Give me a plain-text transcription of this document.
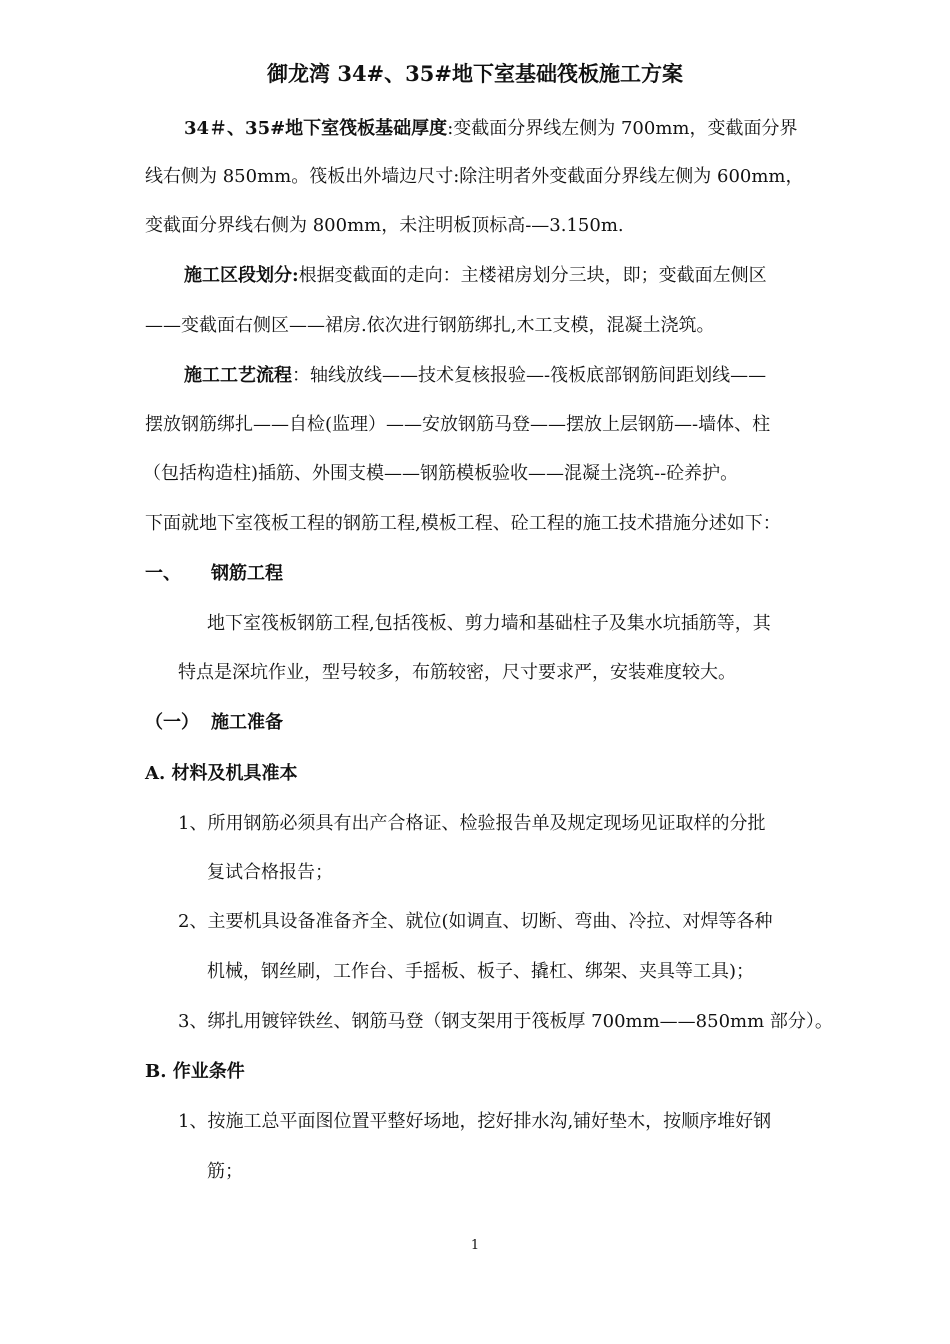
御龙湾 34#、35#地下室基础筏板施工方案
34＃、35#地下室筏板基础厚度:变截面分界线左侧为 700mm，变截面分界
线右侧为 850mm。筏板出外墙边尺寸:除注明者外变截面分界线左侧为 600mm，
变截面分界线右侧为 800mm，未注明板顶标高-—3.150m.
施工区段划分:根据变截面的走向：主楼裙房划分三块，即；变截面左侧区
——变截面右侧区——裙房.依次进行钢筋绑扎,木工支模，混凝土浇筑。
施工工艺流程：轴线放线——技术复核报验—-筏板底部钢筋间距划线——
摆放钢筋绑扎——自检(监理）——安放钢筋马登——摆放上层钢筋—-墙体、柱
（包括构造柱)插筋、外围支模——钢筋模板验收——混凝土浇筑--砼养护。
下面就地下室筏板工程的钢筋工程,模板工程、砼工程的施工技术措施分述如下：
一、 钢筋工程
地下室筏板钢筋工程,包括筏板、剪力墙和基础柱子及集水坑插筋等，其
特点是深坑作业，型号较多，布筋较密，尺寸要求严，安装难度较大。
（一） 施工准备
A. 材料及机具准本
1、所用钢筋必须具有出产合格证、检验报告单及规定现场见证取样的分批
复试合格报告；
2、主要机具设备准备齐全、就位(如调直、切断、弯曲、冷拉、对焊等各种
机械，钢丝刷，工作台、手摇板、板子、撬杠、绑架、夹具等工具)；
3、绑扎用镀锌铁丝、钢筋马登（钢支架用于筏板厚 700mm——850mm 部分）。
B. 作业条件
1、按施工总平面图位置平整好场地，挖好排水沟,铺好垫木，按顺序堆好钢
筋；
1
